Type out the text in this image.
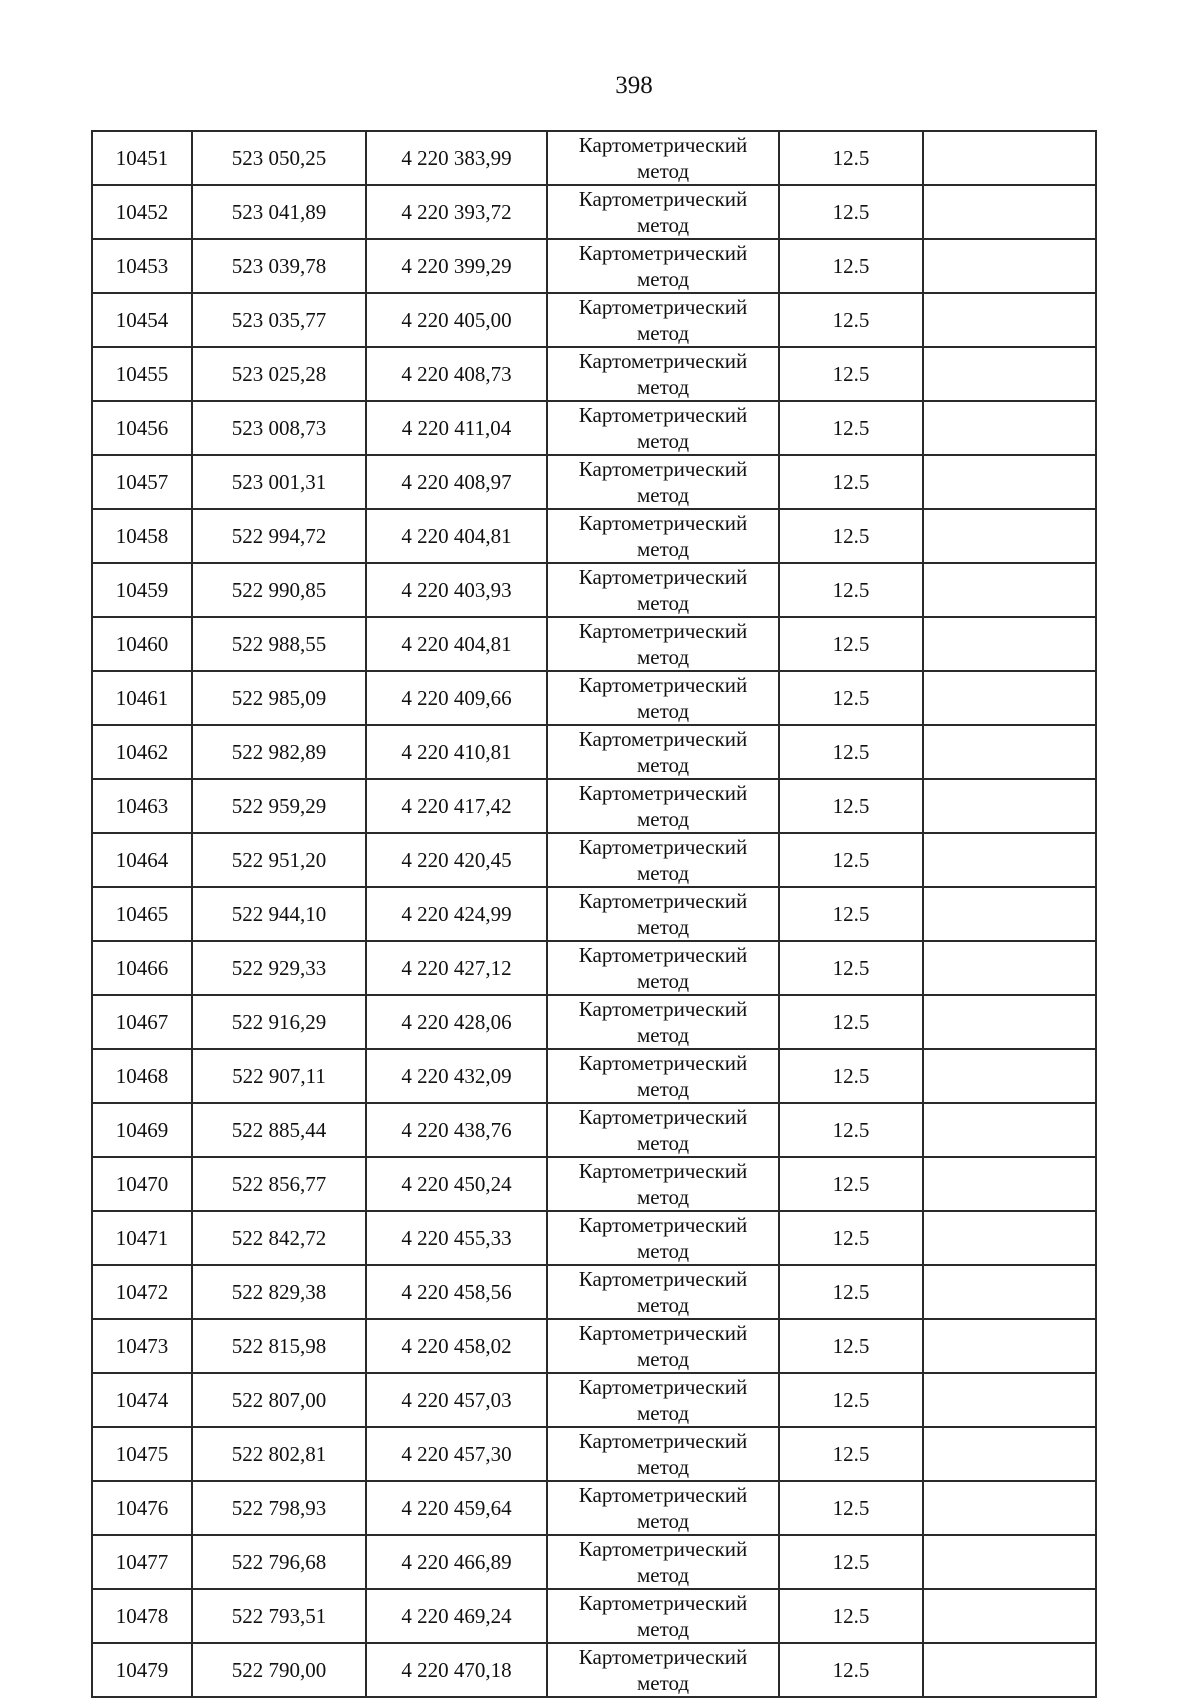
398
10451	523 050,25	4 220 383,99	Картометрический
метод	12.5	
10452	523 041,89	4 220 393,72	Картометрический
метод	12.5	
10453	523 039,78	4 220 399,29	Картометрический
метод	12.5	
10454	523 035,77	4 220 405,00	Картометрический
метод	12.5	
10455	523 025,28	4 220 408,73	Картометрический
метод	12.5	
10456	523 008,73	4 220 411,04	Картометрический
метод	12.5	
10457	523 001,31	4 220 408,97	Картометрический
метод	12.5	
10458	522 994,72	4 220 404,81	Картометрический
метод	12.5	
10459	522 990,85	4 220 403,93	Картометрический
метод	12.5	
10460	522 988,55	4 220 404,81	Картометрический
метод	12.5	
10461	522 985,09	4 220 409,66	Картометрический
метод	12.5	
10462	522 982,89	4 220 410,81	Картометрический
метод	12.5	
10463	522 959,29	4 220 417,42	Картометрический
метод	12.5	
10464	522 951,20	4 220 420,45	Картометрический
метод	12.5	
10465	522 944,10	4 220 424,99	Картометрический
метод	12.5	
10466	522 929,33	4 220 427,12	Картометрический
метод	12.5	
10467	522 916,29	4 220 428,06	Картометрический
метод	12.5	
10468	522 907,11	4 220 432,09	Картометрический
метод	12.5	
10469	522 885,44	4 220 438,76	Картометрический
метод	12.5	
10470	522 856,77	4 220 450,24	Картометрический
метод	12.5	
10471	522 842,72	4 220 455,33	Картометрический
метод	12.5	
10472	522 829,38	4 220 458,56	Картометрический
метод	12.5	
10473	522 815,98	4 220 458,02	Картометрический
метод	12.5	
10474	522 807,00	4 220 457,03	Картометрический
метод	12.5	
10475	522 802,81	4 220 457,30	Картометрический
метод	12.5	
10476	522 798,93	4 220 459,64	Картометрический
метод	12.5	
10477	522 796,68	4 220 466,89	Картометрический
метод	12.5	
10478	522 793,51	4 220 469,24	Картометрический
метод	12.5	
10479	522 790,00	4 220 470,18	Картометрический
метод	12.5	
